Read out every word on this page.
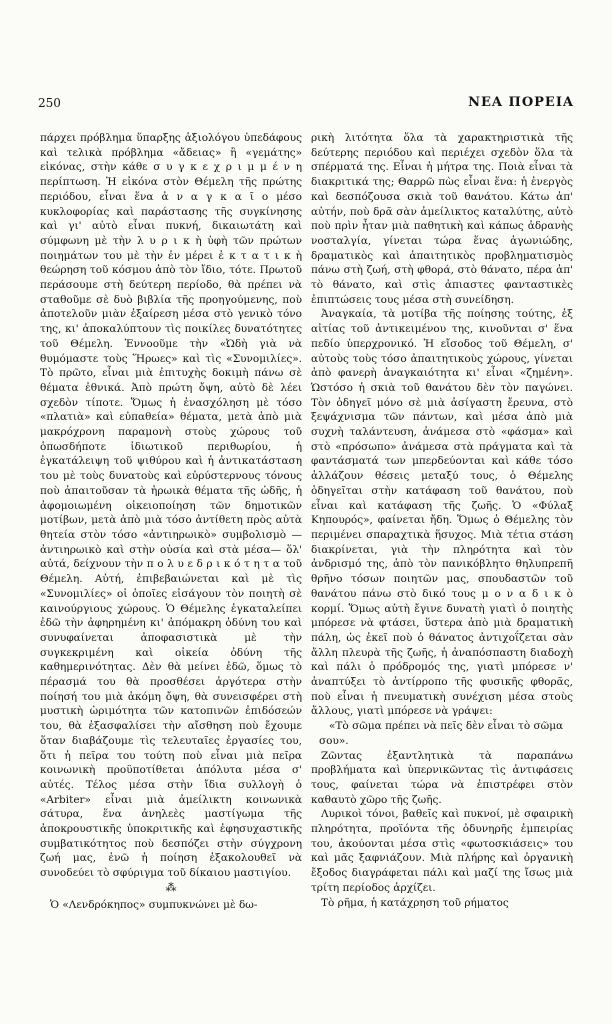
250	ΝΕΑ ΠΟΡΕΙΑ

πάρχει πρόβλημα ὕπαρξης ἀξιολόγου ὑπεδάφους καὶ τελικὰ πρόβλημα «ἄδειας» ἢ «γεμάτης» εἰκόνας, στὴν κάθε σ υ γ κ ε χ ρ ι μ μ έ ν η περίπτωση. Ἡ εἰκόνα στὸν Θέμελη τῆς πρώτης περιόδου, εἶναι ἕνα ἀ ν α γ κ α ῖ ο μέσο κυκλοφορίας καὶ παράστασης τῆς συγκίνησης καὶ γι' αὐτὸ εἶναι πυκνή, δικαιωτάτη καὶ σύμφωνη μὲ τὴν λ υ ρ ι κ ὴ ὑφὴ τῶν πρώτων ποιημάτων του μὲ τὴν ἐν μέρει ἐ κ τ α τ ι κ ὴ θεώρηση τοῦ κόσμου ἀπὸ τὸν ἴδιο, τότε. Πρωτοῦ περάσουμε στὴ δεύτερη περίοδο, θὰ πρέπει νὰ σταθοῦμε σὲ δυὸ βιβλία τῆς προηγούμενης, ποὺ ἀποτελοῦν μιὰν ἐξαίρεση μέσα στὸ γενικὸ τόνο της, κι' ἀποκαλύπτουν τὶς ποικίλες δυνατότητες τοῦ Θέμελη. Ἐννοοῦμε τὴν «Ὠδὴ γιὰ νὰ θυμόμαστε τοὺς Ἥρωες» καὶ τὶς «Συνομιλίες». Τὸ πρῶτο, εἶναι μιὰ ἐπιτυχὴς δοκιμὴ πάνω σὲ θέματα ἐθνικά. Ἀπὸ πρώτη ὄψη, αὐτὸ δὲ λέει σχεδὸν τίποτε. Ὅμως ἡ ἐνασχόληση μὲ τόσο «πλατιὰ» καὶ εὐπαθεία» θέματα, μετὰ ἀπὸ μιὰ μακρόχρονη παραμονὴ στοὺς χώρους τοῦ ὁπωσδήποτε ἰδιωτικοῦ περιθωρίου, ἡ ἐγκατάλειψη τοῦ ψιθύρου καὶ ἡ ἀντικατάσταση του μὲ τοὺς δυνατοὺς καὶ εὐρύστερνους τόνους ποὺ ἀπαιτοῦσαν τὰ ἡρωικὰ θέματα τῆς ὠδῆς, ἡ ἀφομοιωμένη οἰκειοποίηση τῶν δημοτικῶν μοτίβων, μετὰ ἀπὸ μιὰ τόσο ἀντίθετη πρὸς αὐτὰ θητεία στὸν τόσο «ἀντιηρωικὸ» συμβολισμὸ —ἀντιηρωικὸ καὶ στὴν οὐσία καὶ στὰ μέσα— ὅλ' αὐτά, δείχνουν τὴν π ο λ υ ε δ ρ ι κ ό τ η τ α τοῦ Θέμελη. Αὐτή, ἐπιβεβαιώνεται καὶ μὲ τὶς «Συνομιλίες» οἱ ὁποῖες εἰσάγουν τὸν ποιητὴ σὲ καινούργιους χώρους. Ὁ Θέμελης ἐγκαταλείπει ἐδῶ τὴν ἀφηρημένη κι' ἀπόμακρη ὀδύνη του καὶ συνυφαίνεται ἀποφασιστικὰ μὲ τὴν συγκεκριμένη καὶ οἰκεία ὀδύνη τῆς καθημερινότητας. Δὲν θὰ μείνει ἐδῶ, ὅμως τὸ πέρασμά του θὰ προσθέσει ἀργότερα στὴν ποίησή του μιὰ ἀκόμη ὄψη, θὰ συνεισφέρει στὴ μυστικὴ ὡριμότητα τῶν κατοπινῶν ἐπιδόσεών του, θὰ ἐξασφαλίσει τὴν αἴσθηση ποὺ ἔχουμε ὅταν διαβάζουμε τὶς τελευταῖες ἐργασίες του, ὅτι ἡ πεῖρα του τούτη ποὺ εἶναι μιὰ πεῖρα κοινωνικὴ προϋποτίθεται ἀπόλυτα μέσα σ' αὐτές. Τέλος μέσα στὴν ἴδια συλλογὴ ὁ «Arbiter» εἶναι μιὰ ἀμείλικτη κοινωνικὰ σάτυρα, ἕνα ἀνηλεὲς μαστίγωμα τῆς ἀποκρουστικῆς ὑποκριτικῆς καὶ ἐφησυχαστικῆς συμβατικότητος ποὺ δεσπόζει στὴν σύγχρονη ζωή μας, ἐνῶ ἡ ποίηση ἐξακολουθεῖ νὰ συνοδεύει τὸ σφύριγμα τοῦ δίκαιου μαστιγίου.

⁂

Ὁ «Λενδρόκηπος» συμπυκνώνει μὲ δω-

ρικὴ λιτότητα ὅλα τὰ χαρακτηριστικὰ τῆς δεύτερης περιόδου καὶ περιέχει σχεδὸν ὅλα τὰ σπέρματά της. Εἶναι ἡ μήτρα της. Ποιὰ εἶναι τὰ διακριτικά της; Θαρρῶ πὼς εἶναι ἕνα: ἡ ἐνεργὸς καὶ δεσπόζουσα σκιὰ τοῦ θανάτου. Κάτω ἀπ' αὐτήν, ποὺ δρᾶ σὰν ἀμείλικτος καταλύτης, αὐτὸ ποὺ πρὶν ἦταν μιὰ παθητικὴ καὶ κάπως ἀδρανὴς νοσταλγία, γίνεται τώρα ἕνας ἀγωνιώδης, δραματικὸς καὶ ἀπαιτητικὸς προβληματισμὸς πάνω στὴ ζωή, στὴ φθορά, στὸ θάνατο, πέρα ἀπ' τὸ θάνατο, καὶ στὶς ἀπιαστες φανταστικὲς ἐπιπτώσεις τους μέσα στὴ συνείδηση.

Ἀναγκαία, τὰ μοτίβα τῆς ποίησης τούτης, ἐξ αἰτίας τοῦ ἀντικειμένου της, κινοῦνται σ' ἕνα πεδίο ὑπερχρονικό. Ἡ εἴσοδος τοῦ Θέμελη, σ' αὐτοὺς τοὺς τόσο ἀπαιτητικοὺς χώρους, γίνεται ἀπὸ φανερὴ ἀναγκαιότητα κι' εἶναι «ζημένη». Ὡστόσο ἡ σκιὰ τοῦ θανάτου δὲν τὸν παγώνει. Τὸν ὁδηγεῖ μόνο σὲ μιὰ ἀσίγαστη ἔρευνα, στὸ ξεψάχνισμα τῶν πάντων, καὶ μέσα ἀπὸ μιὰ συχνὴ ταλάντευση, ἀνάμεσα στὸ «φάσμα» καὶ στὸ «πρόσωπο» ἀνάμεσα στὰ πράγματα καὶ τὰ φαντάσματά των μπερδεύονται καὶ κάθε τόσο ἀλλάζουν θέσεις μεταξύ τους, ὁ Θέμελης ὁδηγεῖται στὴν κατάφαση τοῦ θανάτου, ποὺ εἶναι καὶ κατάφαση τῆς ζωῆς. Ὁ «Φύλαξ Κηπουρός», φαίνεται ἤδη. Ὅμως ὁ Θέμελης τὸν περιμένει σπαραχτικὰ ἥσυχος. Μιὰ τέτια στάση διακρίνεται, γιὰ τὴν πληρότητα καὶ τὸν ἀνδρισμό της, ἀπὸ τὸν πανικόβλητο θηλυπρεπῆ θρῆνο τόσων ποιητῶν μας, σπουδαστῶν τοῦ θανάτου πάνω στὸ δικό τους μ ο ν α δ ι κ ὸ κορμί. Ὅμως αὐτὴ ἔγινε δυνατὴ γιατὶ ὁ ποιητὴς μπόρεσε νὰ φτάσει, ὕστερα ἀπὸ μιὰ δραματικὴ πάλη, ὡς ἐκεῖ ποὺ ὁ θάνατος ἀντιχοΐζεται σὰν ἄλλη πλευρὰ τῆς ζωῆς, ἡ ἀναπόσπαστη διαδοχὴ καὶ πάλι ὁ πρόδρομός της, γιατὶ μπόρεσε ν' ἀναπτύξει τὸ ἀντίρροπο τῆς φυσικῆς φθορᾶς, ποὺ εἶναι ἡ πνευματικὴ συνέχιση μέσα στοὺς ἄλλους, γιατὶ μπόρεσε νὰ γράψει:

«Τὸ σῶμα πρέπει νὰ πεῖς δὲν εἶναι τὸ σῶμα σου».

Ζῶντας ἐξαντλητικὰ τὰ παραπάνω προβλήματα καὶ ὑπερνικῶντας τὶς ἀντιφάσεις τους, φαίνεται τώρα νὰ ἐπιστρέφει στὸν καθαυτὸ χῶρο τῆς ζωῆς.

Λυρικοὶ τόνοι, βαθεῖς καὶ πυκνοί, μὲ σφαιρικὴ πληρότητα, προϊόντα τῆς ὀδυνηρῆς ἐμπειρίας του, ἀκούονται μέσα στὶς «φωτοσκιάσεις» του καὶ μᾶς ξαφνιάζουν. Μιὰ πλήρης καὶ ὀργανικὴ ἔξοδος διαγράφεται πάλι καὶ μαζί της ἴσως μιὰ τρίτη περίοδος ἀρχίζει.

Τὸ ρῆμα, ἡ κατάχρηση τοῦ ρήματος
